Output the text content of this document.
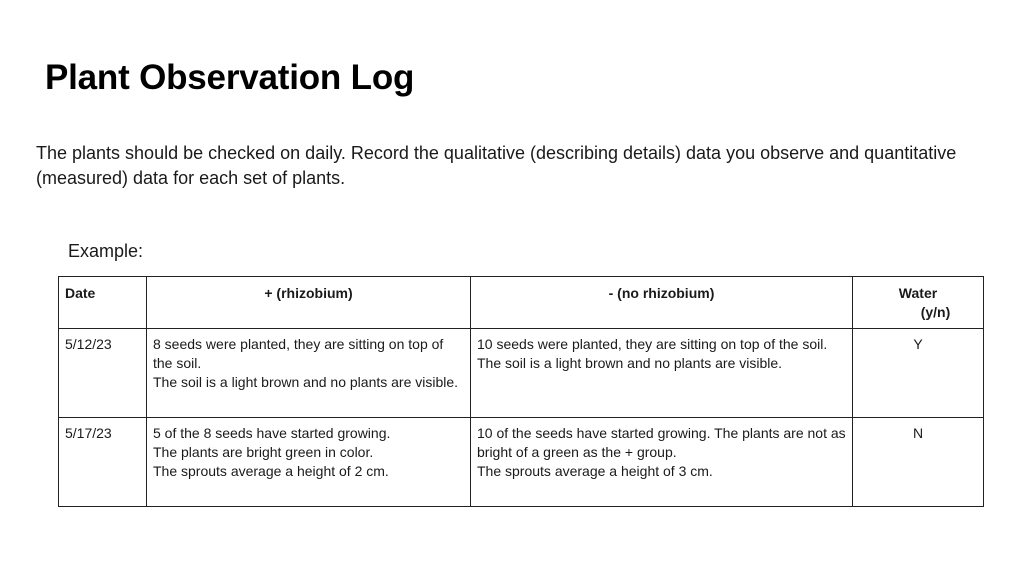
Plant Observation Log

The plants should be checked on daily. Record the qualitative (describing details) data you observe and quantitative (measured) data for each set of plants.

Example:

Date	+ (rhizobium)	- (no rhizobium)	Water
(y/n)

5/12/23	8 seeds were planted, they are sitting on top of the soil.
The soil is a light brown and no plants are visible.	10 seeds were planted, they are sitting on top of the soil.
The soil is a light brown and no plants are visible.	Y
5/17/23	5 of the 8 seeds have started growing.
The plants are bright green in color.
The sprouts average a height of 2 cm.	10 of the seeds have started growing. The plants are not as bright of a green as the + group.
The sprouts average a height of 3 cm.	N
